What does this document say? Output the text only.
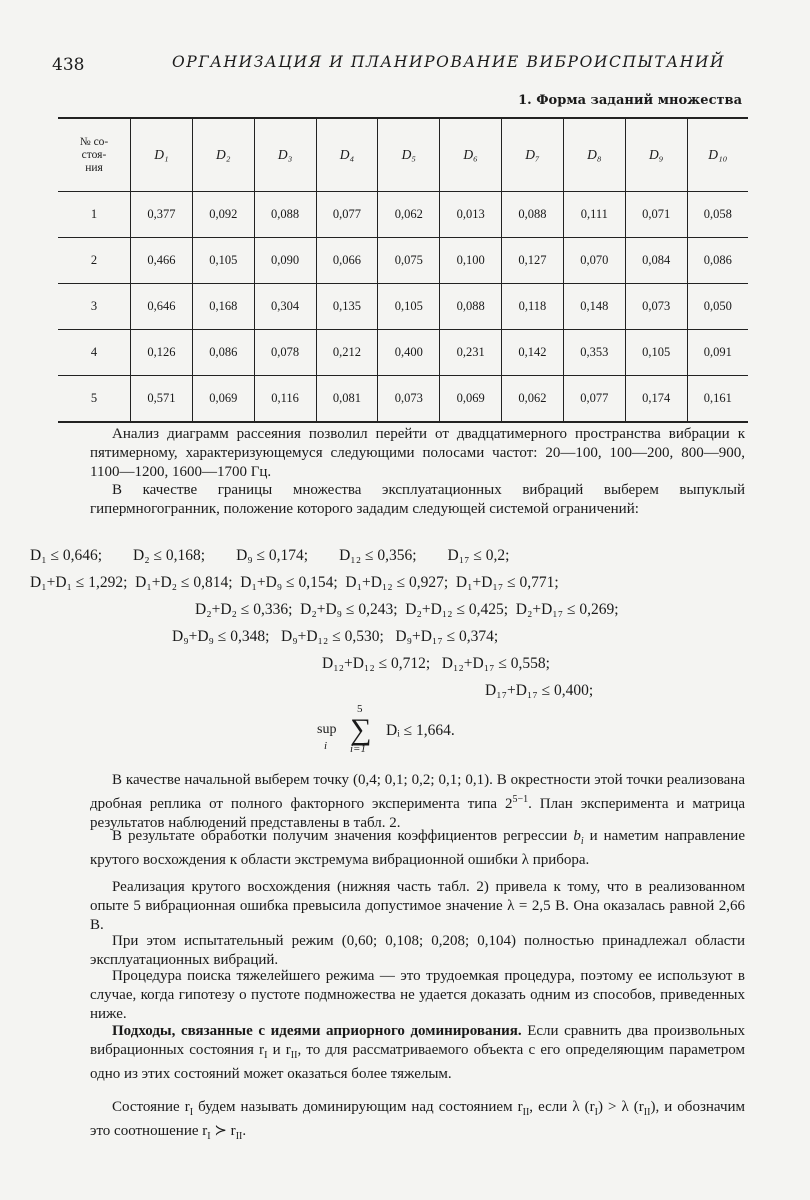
438	ОРГАНИЗАЦИЯ И ПЛАНИРОВАНИЕ ВИБРОИСПЫТАНИЙ
1. Форма заданий множества
№ со-
стоя-
ния	D₁	D₂	D₃	D₄	D₅	D₆	D₇	D₈	D₉	D₁₀
1	0,377	0,092	0,088	0,077	0,062	0,013	0,088	0,111	0,071	0,058
2	0,466	0,105	0,090	0,066	0,075	0,100	0,127	0,070	0,084	0,086
3	0,646	0,168	0,304	0,135	0,105	0,088	0,118	0,148	0,073	0,050
4	0,126	0,086	0,078	0,212	0,400	0,231	0,142	0,353	0,105	0,091
5	0,571	0,069	0,116	0,081	0,073	0,069	0,062	0,077	0,174	0,161
Анализ диаграмм рассеяния позволил перейти от двадцатимерного пространства вибрации к пятимерному, характеризующемуся следующими полосами частот: 20—100, 100—200, 800—900, 1100—1200, 1600—1700 Гц.
В качестве границы множества эксплуатационных вибраций выберем выпуклый гипермногогранник, положение которого зададим следующей системой ограничений:
D₁ ≤ 0,646;        D₂ ≤ 0,168;        D₉ ≤ 0,174;        D₁₂ ≤ 0,356;        D₁₇ ≤ 0,2;
D₁+D₁ ≤ 1,292;  D₁+D₂ ≤ 0,814;  D₁+D₉ ≤ 0,154;  D₁+D₁₂ ≤ 0,927;  D₁+D₁₇ ≤ 0,771;
D₂+D₂ ≤ 0,336;  D₂+D₉ ≤ 0,243;  D₂+D₁₂ ≤ 0,425;  D₂+D₁₇ ≤ 0,269;
D₉+D₉ ≤ 0,348;   D₉+D₁₂ ≤ 0,530;   D₉+D₁₇ ≤ 0,374;
D₁₂+D₁₂ ≤ 0,712;   D₁₂+D₁₇ ≤ 0,558;
D₁₇+D₁₇ ≤ 0,400;
5
sup
i ∑
i=1
Dᵢ ≤ 1,664.
В качестве начальной выберем точку (0,4; 0,1; 0,2; 0,1; 0,1). В окрестности этой точки реализована дробная реплика от полного факторного эксперимента типа $2^{5-1}$. План эксперимента и матрица результатов наблюдений представлены в табл. 2.
В результате обработки получим значения коэффициентов регрессии $b_i$ и наметим направление крутого восхождения к области экстремума вибрационной ошибки λ прибора.
Реализация крутого восхождения (нижняя часть табл. 2) привела к тому, что в реализованном опыте 5 вибрационная ошибка превысила допустимое значение λ = 2,5 В. Она оказалась равной 2,66 В.
При этом испытательный режим (0,60; 0,108; 0,208; 0,104) полностью принадлежал области эксплуатационных вибраций.
Процедура поиска тяжелейшего режима — это трудоемкая процедура, поэтому ее используют в случае, когда гипотезу о пустоте подмножества не удается доказать одним из способов, приведенных ниже.
Подходы, связанные с идеями априорного доминирования. Если сравнить два произвольных вибрационных состояния $r_I$ и $r_{II}$, то для рассматриваемого объекта с его определяющим параметром одно из этих состояний может оказаться более тяжелым.
Состояние $r_I$ будем называть доминирующим над состоянием $r_{II}$, если λ $(r_I) > \lambda$ $(r_{II})$, и обозначим это соотношение $r_I$ ≻ $r_{II}$.
